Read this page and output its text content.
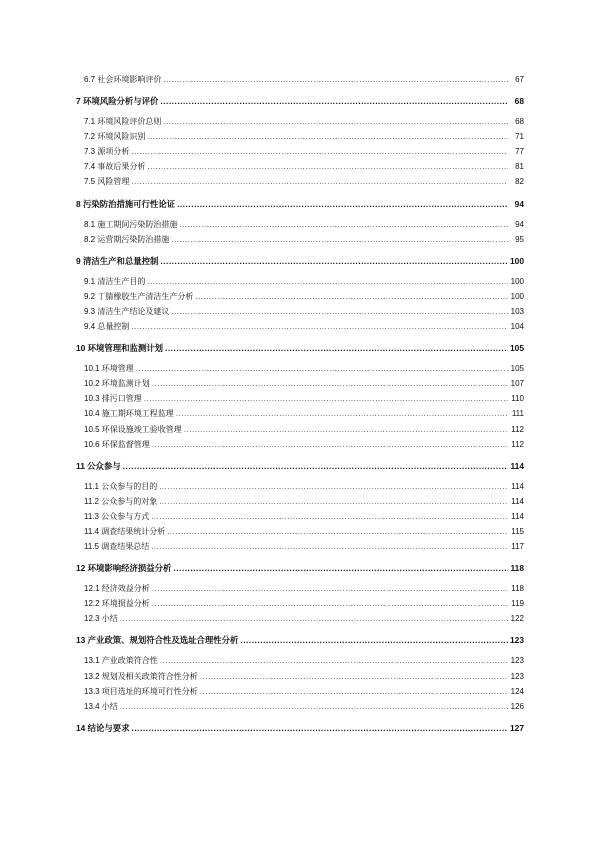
6.7 社会环境影响评价 .....	67
7 环境风险分析与评价 .....	68
7.1 环境风险评价总则 .....	68
7.2 环境风险识别 .....	71
7.3 源项分析 .....	77
7.4 事故后果分析 .....	81
7.5 风险管理 .....	82
8 污染防治措施可行性论证 .....	94
8.1 施工期间污染防治措施 .....	94
8.2 运营期污染防治措施 .....	95
9 清洁生产和总量控制 .....	100
9.1 清洁生产目的 .....	100
9.2 丁腈橡胶生产清洁生产分析 .....	100
9.3 清洁生产结论及建议 .....	103
9.4 总量控制 .....	104
10 环境管理和监测计划 .....	105
10.1 环境管理 .....	105
10.2 环境监测计划 .....	107
10.3 排污口管理 .....	110
10.4 施工期环境工程监理 .....	111
10.5 环保设施竣工验收管理 .....	112
10.6 环保监督管理 .....	112
11 公众参与 .....	114
11.1 公众参与的目的 .....	114
11.2 公众参与的对象 .....	114
11.3 公众参与方式 .....	114
11.4 调查结果统计分析 .....	115
11.5 调查结果总结 .....	117
12 环境影响经济损益分析 .....	118
12.1 经济效益分析 .....	118
12.2 环境损益分析 .....	119
12.3 小结 .....	122
13 产业政策、规划符合性及选址合理性分析 .....	123
13.1 产业政策符合性 .....	123
13.2 规划及相关政策符合性分析 .....	123
13.3 项目选址的环境可行性分析 .....	124
13.4 小结 .....	126
14 结论与要求 .....	127
